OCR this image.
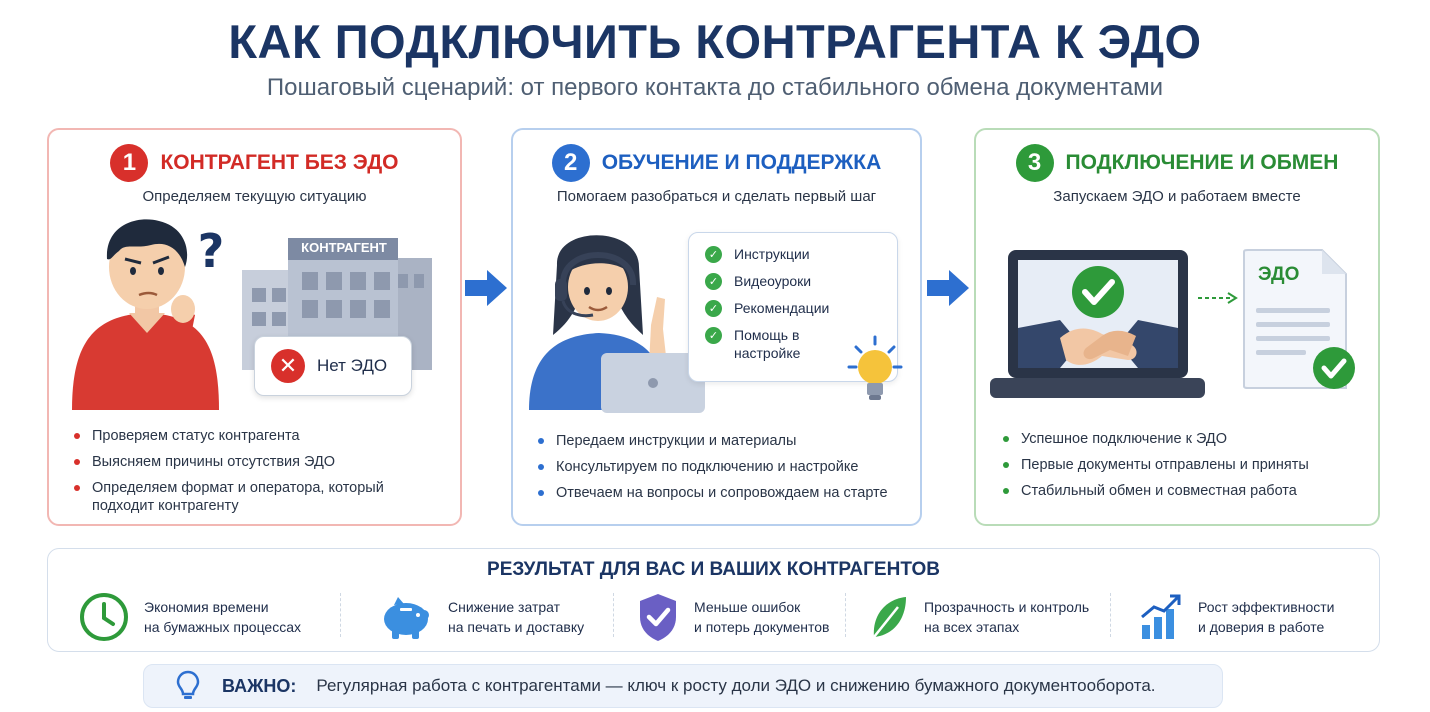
КАК ПОДКЛЮЧИТЬ КОНТРАГЕНТА К ЭДО
Пошаговый сценарий: от первого контакта до стабильного обмена документами
1	КОНТРАГЕНТ БЕЗ ЭДО
Определяем текущую ситуацию
?	КОНТРАГЕНТ
✕	Нет ЭДО
Проверяем статус контрагента
Выясняем причины отсутствия ЭДО
Определяем формат и оператора, который подходит контрагенту
2	ОБУЧЕНИЕ И ПОДДЕРЖКА
Помогаем разобраться и сделать первый шаг
✓ Инструкции
✓ Видеоуроки
✓ Рекомендации
✓ Помощь в настройке
Передаем инструкции и материалы
Консультируем по подключению и настройке
Отвечаем на вопросы и сопровождаем на старте
3	ПОДКЛЮЧЕНИЕ И ОБМЕН
Запускаем ЭДО и работаем вместе
ЭДО
Успешное подключение к ЭДО
Первые документы отправлены и приняты
Стабильный обмен и совместная работа
РЕЗУЛЬТАТ ДЛЯ ВАС И ВАШИХ КОНТРАГЕНТОВ
Экономия времени
на бумажных процессах
Снижение затрат
на печать и доставку
Меньше ошибок
и потерь документов
Прозрачность и контроль
на всех этапах
Рост эффективности
и доверия в работе
ВАЖНО: Регулярная работа с контрагентами — ключ к росту доли ЭДО и снижению бумажного документооборота.
